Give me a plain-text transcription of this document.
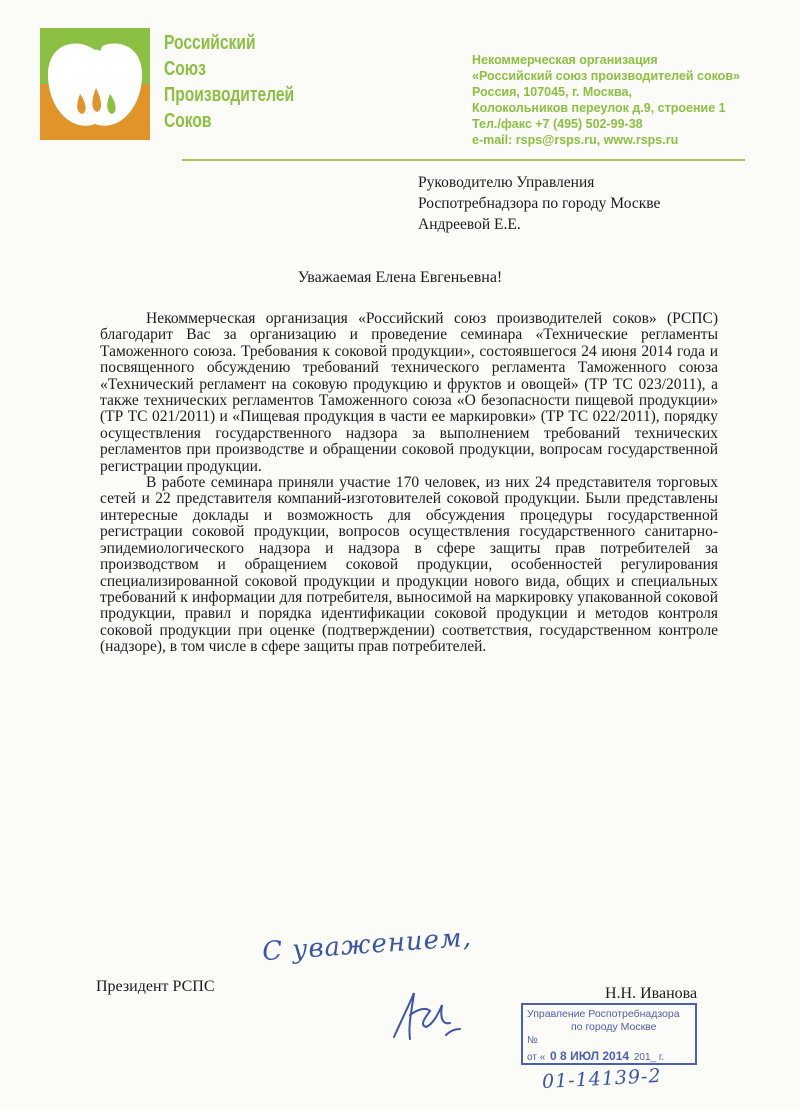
Российский
Союз
Производителей
Соков
Некоммерческая организация
«Российский союз производителей соков»
Россия, 107045, г. Москва,
Колокольников переулок д.9, строение 1
Тел./факс +7 (495) 502-99-38
e-mail: rsps@rsps.ru, www.rsps.ru
Руководителю Управления
Роспотребнадзора по городу Москве
Андреевой Е.Е.
Уважаемая Елена Евгеньевна!

Некоммерческая организация «Российский союз производителей соков» (РСПС) благодарит Вас за организацию и проведение семинара «Технические регламенты Таможенного союза. Требования к соковой продукции», состоявшегося 24 июня 2014 года и посвященного обсуждению требований технического регламента Таможенного союза «Технический регламент на соковую продукцию и фруктов и овощей» (ТР ТС 023/2011), а также технических регламентов Таможенного союза «О безопасности пищевой продукции» (ТР ТС 021/2011) и «Пищевая продукция в части ее маркировки» (ТР ТС 022/2011), порядку осуществления государственного надзора за выполнением требований технических регламентов при производстве и обращении соковой продукции, вопросам государственной регистрации продукции.

В работе семинара приняли участие 170 человек, из них 24 представителя торговых сетей и 22 представителя компаний-изготовителей соковой продукции. Были представлены интересные доклады и возможность для обсуждения процедуры государственной регистрации соковой продукции, вопросов осуществления государственного санитарно-эпидемиологического надзора и надзора в сфере защиты прав потребителей за производством и обращением соковой продукции, особенностей регулирования специализированной соковой продукции и продукции нового вида, общих и специальных требований к информации для потребителя, выносимой на маркировку упакованной соковой продукции, правил и порядка идентификации соковой продукции и методов контроля соковой продукции при оценке (подтверждении) соответствия, государственном контроле (надзоре), в том числе в сфере защиты прав потребителей.

С уважением,
Президент РСПС	Н.Н. Иванова
Управление Роспотребнадзора
по городу Москве
№
от « 0 8 ИЮЛ 2014 201_ г.
01-14139-2
